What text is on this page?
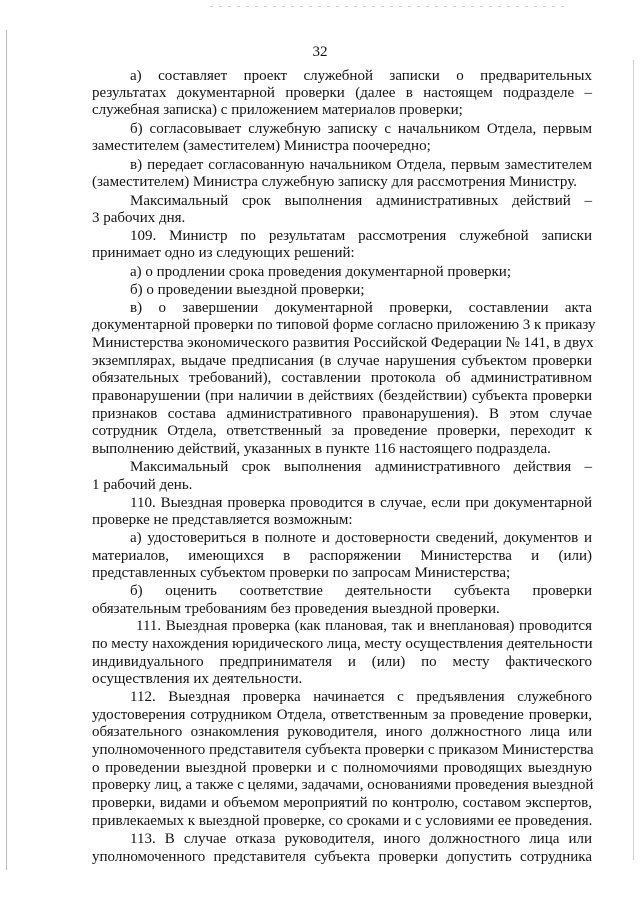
32
а) составляет проект служебной записки о предварительных
результатах документарной проверки (далее в настоящем подразделе –
служебная записка) с приложением материалов проверки;
б) согласовывает служебную записку с начальником Отдела, первым
заместителем (заместителем) Министра поочередно;
в) передает согласованную начальником Отдела, первым заместителем
(заместителем) Министра служебную записку для рассмотрения Министру.
Максимальный срок выполнения административных действий –
3 рабочих дня.
109. Министр по результатам рассмотрения служебной записки
принимает одно из следующих решений:
а) о продлении срока проведения документарной проверки;
б) о проведении выездной проверки;
в) о завершении документарной проверки, составлении акта
документарной проверки по типовой форме согласно приложению 3 к приказу
Министерства экономического развития Российской Федерации № 141, в двух
экземплярах, выдаче предписания (в случае нарушения субъектом проверки
обязательных требований), составлении протокола об административном
правонарушении (при наличии в действиях (бездействии) субъекта проверки
признаков состава административного правонарушения). В этом случае
сотрудник Отдела, ответственный за проведение проверки, переходит к
выполнению действий, указанных в пункте 116 настоящего подраздела.
Максимальный срок выполнения административного действия –
1 рабочий день.
110. Выездная проверка проводится в случае, если при документарной
проверке не представляется возможным:
а) удостовериться в полноте и достоверности сведений, документов и
материалов, имеющихся в распоряжении Министерства и (или)
представленных субъектом проверки по запросам Министерства;
б) оценить соответствие деятельности субъекта проверки
обязательным требованиям без проведения выездной проверки.
111. Выездная проверка (как плановая, так и внеплановая) проводится
по месту нахождения юридического лица, месту осуществления деятельности
индивидуального предпринимателя и (или) по месту фактического
осуществления их деятельности.
112. Выездная проверка начинается с предъявления служебного
удостоверения сотрудником Отдела, ответственным за проведение проверки,
обязательного ознакомления руководителя, иного должностного лица или
уполномоченного представителя субъекта проверки с приказом Министерства
о проведении выездной проверки и с полномочиями проводящих выездную
проверку лиц, а также с целями, задачами, основаниями проведения выездной
проверки, видами и объемом мероприятий по контролю, составом экспертов,
привлекаемых к выездной проверке, со сроками и с условиями ее проведения.
113. В случае отказа руководителя, иного должностного лица или
уполномоченного представителя субъекта проверки допустить сотрудника
